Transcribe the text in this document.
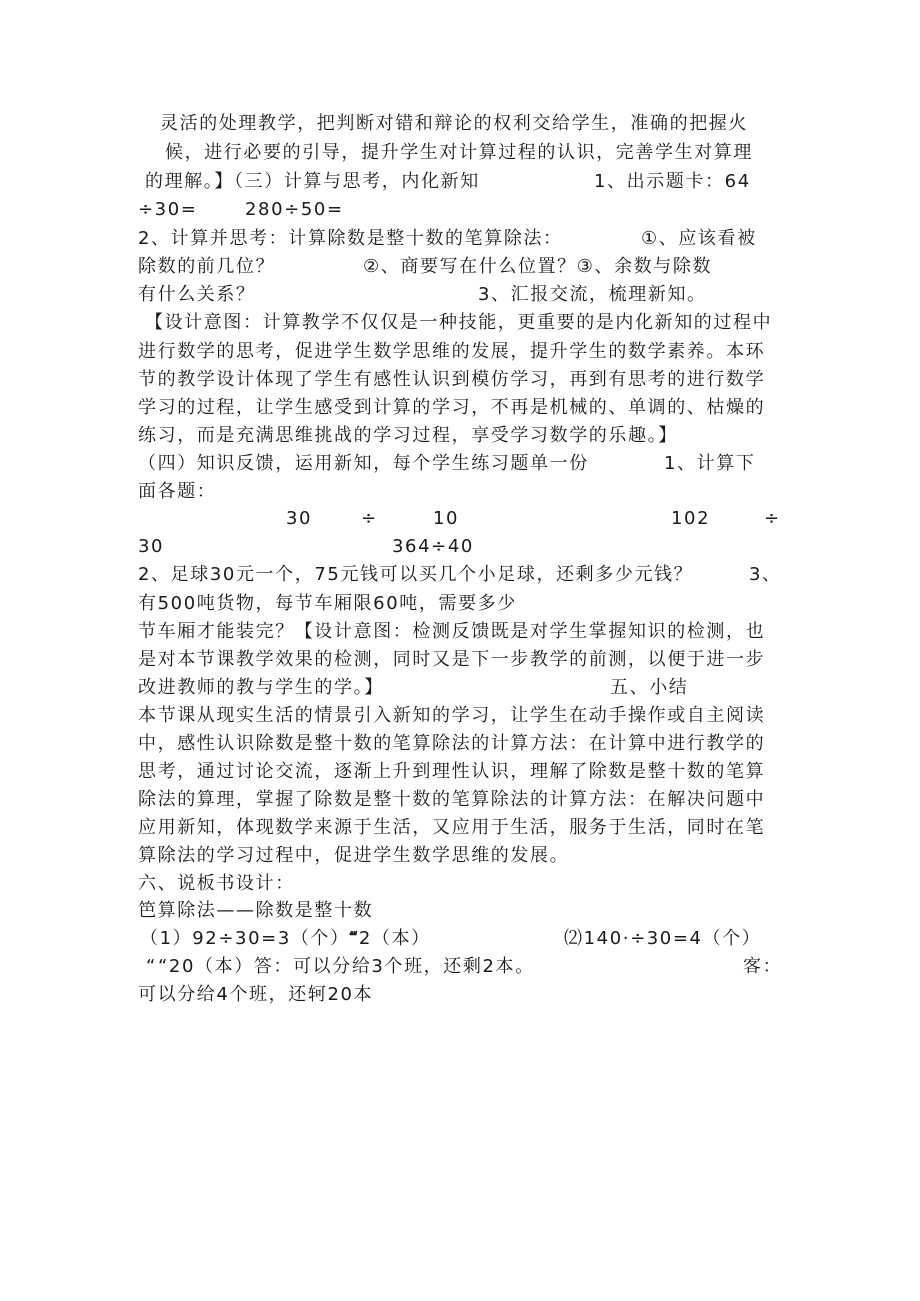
灵活的处理教学，把判断对错和辩论的权利交给学生，准确的把握火
候，进行必要的引导，提升学生对计算过程的认识，完善学生对算理
的理解。】（三）计算与思考，内化新知	1、出示题卡：64
÷30=	280÷50=
2、计算并思考：计算除数是整十数的笔算除法：	①、应该看被
除数的前几位？	②、商要写在什么位置？③、余数与除数
有什么关系？	3、汇报交流，梳理新知。
【设计意图：计算教学不仅仅是一种技能，更重要的是内化新知的过程中
进行数学的思考，促进学生数学思维的发展，提升学生的数学素养。本环
节的教学设计体现了学生有感性认识到模仿学习，再到有思考的进行数学
学习的过程，让学生感受到计算的学习，不再是机械的、单调的、枯燥的
练习，而是充满思维挑战的学习过程，享受学习数学的乐趣。】
（四）知识反馈，运用新知，每个学生练习题单一份	1、计算下
面各题：
30	÷	10	102	÷
30	364÷40
2、足球30元一个，75元钱可以买几个小足球，还剩多少元钱？	3、
有500吨货物，每节车厢限60吨，需要多少
节车厢才能装完？【设计意图：检测反馈既是对学生掌握知识的检测，也
是对本节课教学效果的检测，同时又是下一步教学的前测，以便于进一步
改进教师的教与学生的学。】	五、小结
本节课从现实生活的情景引入新知的学习，让学生在动手操作或自主阅读
中，感性认识除数是整十数的笔算除法的计算方法：在计算中进行教学的
思考，通过讨论交流，逐渐上升到理性认识，理解了除数是整十数的笔算
除法的算理，掌握了除数是整十数的笔算除法的计算方法：在解决问题中
应用新知，体现数学来源于生活，又应用于生活，服务于生活，同时在笔
算除法的学习过程中，促进学生数学思维的发展。
六、说板书设计：
笆算除法——除数是整十数
（1）92÷30=3（个）“
“2（本）	⑵140·÷30=4（个）
“ “20（本）答：可以分给3个班，还剩2本。	客：
可以分给4个班，还轲20本
